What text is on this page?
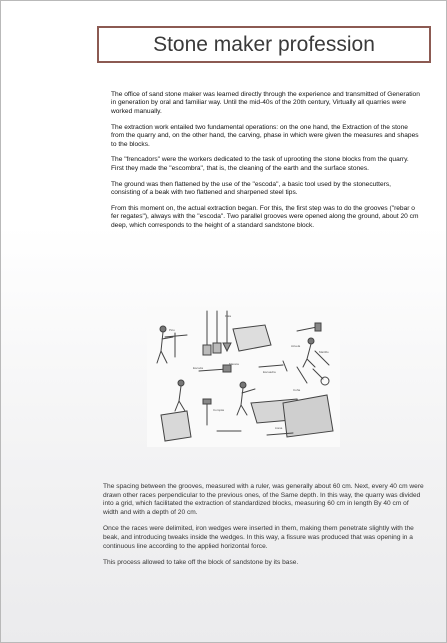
Stone maker profession

The office of sand stone maker was learned directly through the experience and transmitted of Generation in generation by oral and familiar way. Until the mid-40s of the 20th century, Virtually all quarries were worked manually.

The extraction work entailed two fundamental operations: on the one hand, the Extraction of the stone from the quarry and, on the other hand, the carving, phase in which were given the measures and shapes to the blocks.

The "frencadors" were the workers dedicated to the task of uprooting the stone blocks from the quarry. First they made the "escombra", that is, the cleaning of the earth and the surface stones.

The ground was then flattened by the use of the "escoda", a basic tool used by the stonecutters, consisting of a beak with two flattened and sharpened steel tips.

From this moment on, the actual extraction began. For this, the first step was to do the grooves ("rebar o fer regates"), always with the "escoda". Two parallel grooves were opened along the ground, about 20 cm deep, which corresponds to the height of a standard sandstone block.

Pico
Pala
Maceta
Escoda
Azuela
Escuadra
Cuña
Compás
Martillo
Llana

The spacing between the grooves, measured with a ruler, was generally about 60 cm. Next, every 40 cm were drawn other races perpendicular to the previous ones, of the Same depth. In this way, the quarry was divided into a grid, which facilitated the extraction of standardized blocks, measuring 60 cm in length By 40 cm of width and with a depth of 20 cm.

Once the races were delimited, iron wedges were inserted in them, making them penetrate slightly with the beak, and introducing tweaks inside the wedges. In this way, a fissure was produced that was opening in a continuous line according to the applied horizontal force.

This process allowed to take off the block of sandstone by its base.
